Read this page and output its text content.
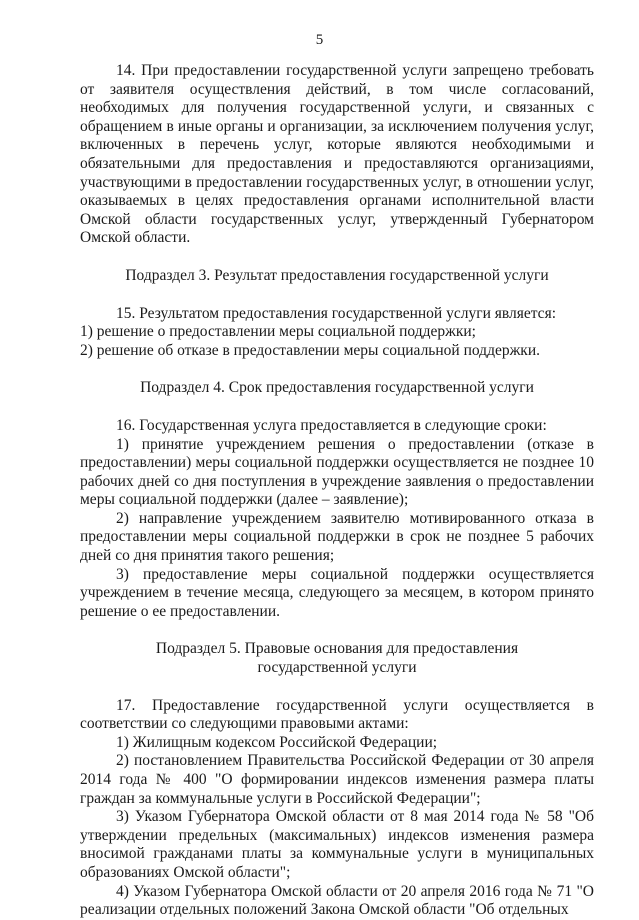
5

14. При предоставлении государственной услуги запрещено требовать от заявителя осуществления действий, в том числе согласований, необходимых для получения государственной услуги, и связанных с обращением в иные органы и организации, за исключением получения услуг, включенных в перечень услуг, которые являются необходимыми и обязательными для предоставления и предоставляются организациями, участвующими в предоставлении государственных услуг, в отношении услуг, оказываемых в целях предоставления органами исполнительной власти Омской области государственных услуг, утвержденный Губернатором Омской области.

Подраздел 3. Результат предоставления государственной услуги

15. Результатом предоставления государственной услуги является:

1) решение о предоставлении меры социальной поддержки;

2) решение об отказе в предоставлении меры социальной поддержки.

Подраздел 4. Срок предоставления государственной услуги

16. Государственная услуга предоставляется в следующие сроки:

1) принятие учреждением решения о предоставлении (отказе в предоставлении) меры социальной поддержки осуществляется не позднее 10 рабочих дней со дня поступления в учреждение заявления о предоставлении меры социальной поддержки (далее – заявление);

2) направление учреждением заявителю мотивированного отказа в предоставлении меры социальной поддержки в срок не позднее 5 рабочих дней со дня принятия такого решения;

3) предоставление меры социальной поддержки осуществляется учреждением в течение месяца, следующего за месяцем, в котором принято решение о ее предоставлении.

Подраздел 5. Правовые основания для предоставления

государственной услуги

17. Предоставление государственной услуги осуществляется в соответствии со следующими правовыми актами:

1) Жилищным кодексом Российской Федерации;

2) постановлением Правительства Российской Федерации от 30 апреля 2014 года № 400 "О формировании индексов изменения размера платы граждан за коммунальные услуги в Российской Федерации";

3) Указом Губернатора Омской области от 8 мая 2014 года № 58 "Об утверждении предельных (максимальных) индексов изменения размера вносимой гражданами платы за коммунальные услуги в муниципальных образованиях Омской области";

4) Указом Губернатора Омской области от 20 апреля 2016 года № 71 "О реализации отдельных положений Закона Омской области "Об отдельных
